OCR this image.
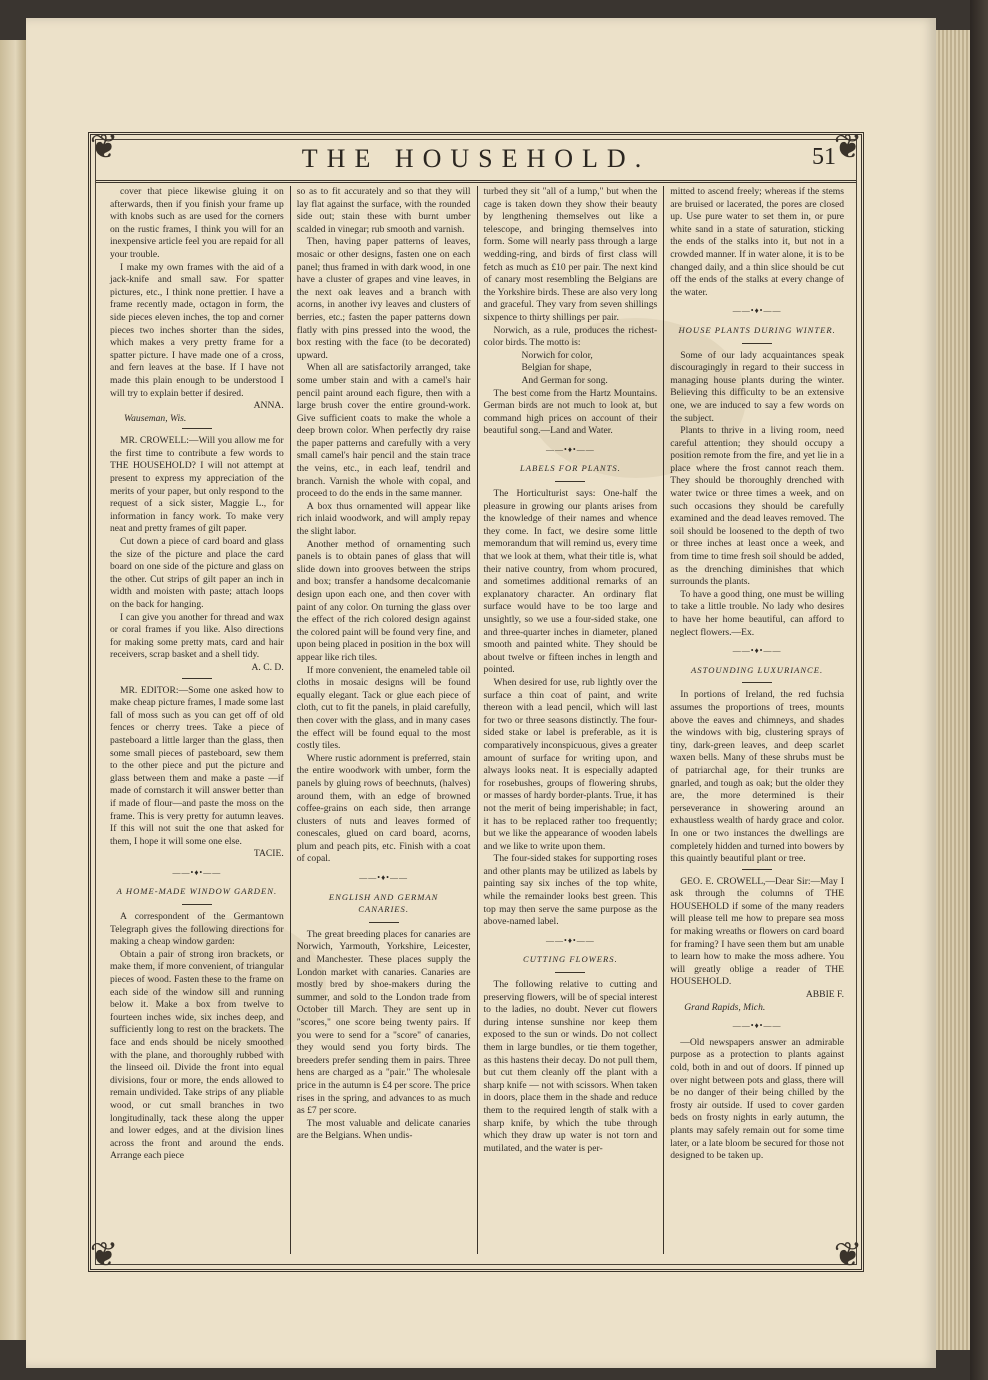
❦	❦
❦	❦
THE HOUSEHOLD.	51

cover that piece likewise gluing it on afterwards, then if you finish your frame up with knobs such as are used for the corners on the rustic frames, I think you will for an inexpensive article feel you are repaid for all your trouble.

I make my own frames with the aid of a jack-knife and small saw. For spatter pictures, etc., I think none prettier. I have a frame recently made, octagon in form, the side pieces eleven inches, the top and corner pieces two inches shorter than the sides, which makes a very pretty frame for a spatter picture. I have made one of a cross, and fern leaves at the base. If I have not made this plain enough to be understood I will try to explain better if desired.

ANNA.

Wauseman, Wis.

MR. CROWELL:—Will you allow me for the first time to contribute a few words to THE HOUSEHOLD? I will not attempt at present to express my appreciation of the merits of your paper, but only respond to the request of a sick sister, Maggie L., for information in fancy work. To make very neat and pretty frames of gilt paper.

Cut down a piece of card board and glass the size of the picture and place the card board on one side of the picture and glass on the other. Cut strips of gilt paper an inch in width and moisten with paste; attach loops on the back for hanging.

I can give you another for thread and wax or coral frames if you like. Also directions for making some pretty mats, card and hair receivers, scrap basket and a shell tidy.

A. C. D.

MR. EDITOR:—Some one asked how to make cheap picture frames, I made some last fall of moss such as you can get off of old fences or cherry trees. Take a piece of pasteboard a little larger than the glass, then some small pieces of pasteboard, sew them to the other piece and put the picture and glass between them and make a paste —if made of cornstarch it will answer better than if made of flour—and paste the moss on the frame. This is very pretty for autumn leaves. If this will not suit the one that asked for them, I hope it will some one else.

TACIE.

——•♦•——
A HOME-MADE WINDOW GARDEN.

A correspondent of the Germantown Telegraph gives the following directions for making a cheap window garden:

Obtain a pair of strong iron brackets, or make them, if more convenient, of triangular pieces of wood. Fasten these to the frame on each side of the window sill and running below it. Make a box from twelve to fourteen inches wide, six inches deep, and sufficiently long to rest on the brackets. The face and ends should be nicely smoothed with the plane, and thoroughly rubbed with the linseed oil. Divide the front into equal divisions, four or more, the ends allowed to remain undivided. Take strips of any pliable wood, or cut small branches in two longitudinally, tack these along the upper and lower edges, and at the division lines across the front and around the ends. Arrange each piece

so as to fit accurately and so that they will lay flat against the surface, with the rounded side out; stain these with burnt umber scalded in vinegar; rub smooth and varnish.

Then, having paper patterns of leaves, mosaic or other designs, fasten one on each panel; thus framed in with dark wood, in one have a cluster of grapes and vine leaves, in the next oak leaves and a branch with acorns, in another ivy leaves and clusters of berries, etc.; fasten the paper patterns down flatly with pins pressed into the wood, the box resting with the face (to be decorated) upward.

When all are satisfactorily arranged, take some umber stain and with a camel's hair pencil paint around each figure, then with a large brush cover the entire ground-work. Give sufficient coats to make the whole a deep brown color. When perfectly dry raise the paper patterns and carefully with a very small camel's hair pencil and the stain trace the veins, etc., in each leaf, tendril and branch. Varnish the whole with copal, and proceed to do the ends in the same manner.

A box thus ornamented will appear like rich inlaid woodwork, and will amply repay the slight labor.

Another method of ornamenting such panels is to obtain panes of glass that will slide down into grooves between the strips and box; transfer a handsome decalcomanie design upon each one, and then cover with paint of any color. On turning the glass over the effect of the rich colored design against the colored paint will be found very fine, and upon being placed in position in the box will appear like rich tiles.

If more convenient, the enameled table oil cloths in mosaic designs will be found equally elegant. Tack or glue each piece of cloth, cut to fit the panels, in plaid carefully, then cover with the glass, and in many cases the effect will be found equal to the most costly tiles.

Where rustic adornment is preferred, stain the entire woodwork with umber, form the panels by gluing rows of beechnuts, (halves) around them, with an edge of browned coffee-grains on each side, then arrange clusters of nuts and leaves formed of conescales, glued on card board, acorns, plum and peach pits, etc. Finish with a coat of copal.

——•♦•——
ENGLISH AND GERMAN CANARIES.

The great breeding places for canaries are Norwich, Yarmouth, Yorkshire, Leicester, and Manchester. These places supply the London market with canaries. Canaries are mostly bred by shoe-makers during the summer, and sold to the London trade from October till March. They are sent up in "scores," one score being twenty pairs. If you were to send for a "score" of canaries, they would send you forty birds. The breeders prefer sending them in pairs. Three hens are charged as a "pair." The wholesale price in the autumn is £4 per score. The price rises in the spring, and advances to as much as £7 per score.

The most valuable and delicate canaries are the Belgians. When undis-

turbed they sit "all of a lump," but when the cage is taken down they show their beauty by lengthening themselves out like a telescope, and bringing themselves into form. Some will nearly pass through a large wedding-ring, and birds of first class will fetch as much as £10 per pair. The next kind of canary most resembling the Belgians are the Yorkshire birds. These are also very long and graceful. They vary from seven shillings sixpence to thirty shillings per pair.

Norwich, as a rule, produces the richest-color birds. The motto is:

Norwich for color,

Belgian for shape,

And German for song.

The best come from the Hartz Mountains. German birds are not much to look at, but command high prices on account of their beautiful song.—Land and Water.

——•♦•——
LABELS FOR PLANTS.

The Horticulturist says: One-half the pleasure in growing our plants arises from the knowledge of their names and whence they come. In fact, we desire some little memorandum that will remind us, every time that we look at them, what their title is, what their native country, from whom procured, and sometimes additional remarks of an explanatory character. An ordinary flat surface would have to be too large and unsightly, so we use a four-sided stake, one and three-quarter inches in diameter, planed smooth and painted white. They should be about twelve or fifteen inches in length and pointed.

When desired for use, rub lightly over the surface a thin coat of paint, and write thereon with a lead pencil, which will last for two or three seasons distinctly. The four-sided stake or label is preferable, as it is comparatively inconspicuous, gives a greater amount of surface for writing upon, and always looks neat. It is especially adapted for rosebushes, groups of flowering shrubs, or masses of hardy border-plants. True, it has not the merit of being imperishable; in fact, it has to be replaced rather too frequently; but we like the appearance of wooden labels and we like to write upon them.

The four-sided stakes for supporting roses and other plants may be utilized as labels by painting say six inches of the top white, while the remainder looks best green. This top may then serve the same purpose as the above-named label.

——•♦•——
CUTTING FLOWERS.

The following relative to cutting and preserving flowers, will be of special interest to the ladies, no doubt. Never cut flowers during intense sunshine nor keep them exposed to the sun or winds. Do not collect them in large bundles, or tie them together, as this hastens their decay. Do not pull them, but cut them cleanly off the plant with a sharp knife — not with scissors. When taken in doors, place them in the shade and reduce them to the required length of stalk with a sharp knife, by which the tube through which they draw up water is not torn and mutilated, and the water is per-

mitted to ascend freely; whereas if the stems are bruised or lacerated, the pores are closed up. Use pure water to set them in, or pure white sand in a state of saturation, sticking the ends of the stalks into it, but not in a crowded manner. If in water alone, it is to be changed daily, and a thin slice should be cut off the ends of the stalks at every change of the water.

——•♦•——
HOUSE PLANTS DURING WINTER.

Some of our lady acquaintances speak discouragingly in regard to their success in managing house plants during the winter. Believing this difficulty to be an extensive one, we are induced to say a few words on the subject.

Plants to thrive in a living room, need careful attention; they should occupy a position remote from the fire, and yet lie in a place where the frost cannot reach them. They should be thoroughly drenched with water twice or three times a week, and on such occasions they should be carefully examined and the dead leaves removed. The soil should be loosened to the depth of two or three inches at least once a week, and from time to time fresh soil should be added, as the drenching diminishes that which surrounds the plants.

To have a good thing, one must be willing to take a little trouble. No lady who desires to have her home beautiful, can afford to neglect flowers.—Ex.

——•♦•——
ASTOUNDING LUXURIANCE.

In portions of Ireland, the red fuchsia assumes the proportions of trees, mounts above the eaves and chimneys, and shades the windows with big, clustering sprays of tiny, dark-green leaves, and deep scarlet waxen bells. Many of these shrubs must be of patriarchal age, for their trunks are gnarled, and tough as oak; but the older they are, the more determined is their perseverance in showering around an exhaustless wealth of hardy grace and color. In one or two instances the dwellings are completely hidden and turned into bowers by this quaintly beautiful plant or tree.

GEO. E. CROWELL,—Dear Sir:—May I ask through the columns of THE HOUSEHOLD if some of the many readers will please tell me how to prepare sea moss for making wreaths or flowers on card board for framing? I have seen them but am unable to learn how to make the moss adhere. You will greatly oblige a reader of THE HOUSEHOLD.

ABBIE F.

Grand Rapids, Mich.

——•♦•——

—Old newspapers answer an admirable purpose as a protection to plants against cold, both in and out of doors. If pinned up over night between pots and glass, there will be no danger of their being chilled by the frosty air outside. If used to cover garden beds on frosty nights in early autumn, the plants may safely remain out for some time later, or a late bloom be secured for those not designed to be taken up.
